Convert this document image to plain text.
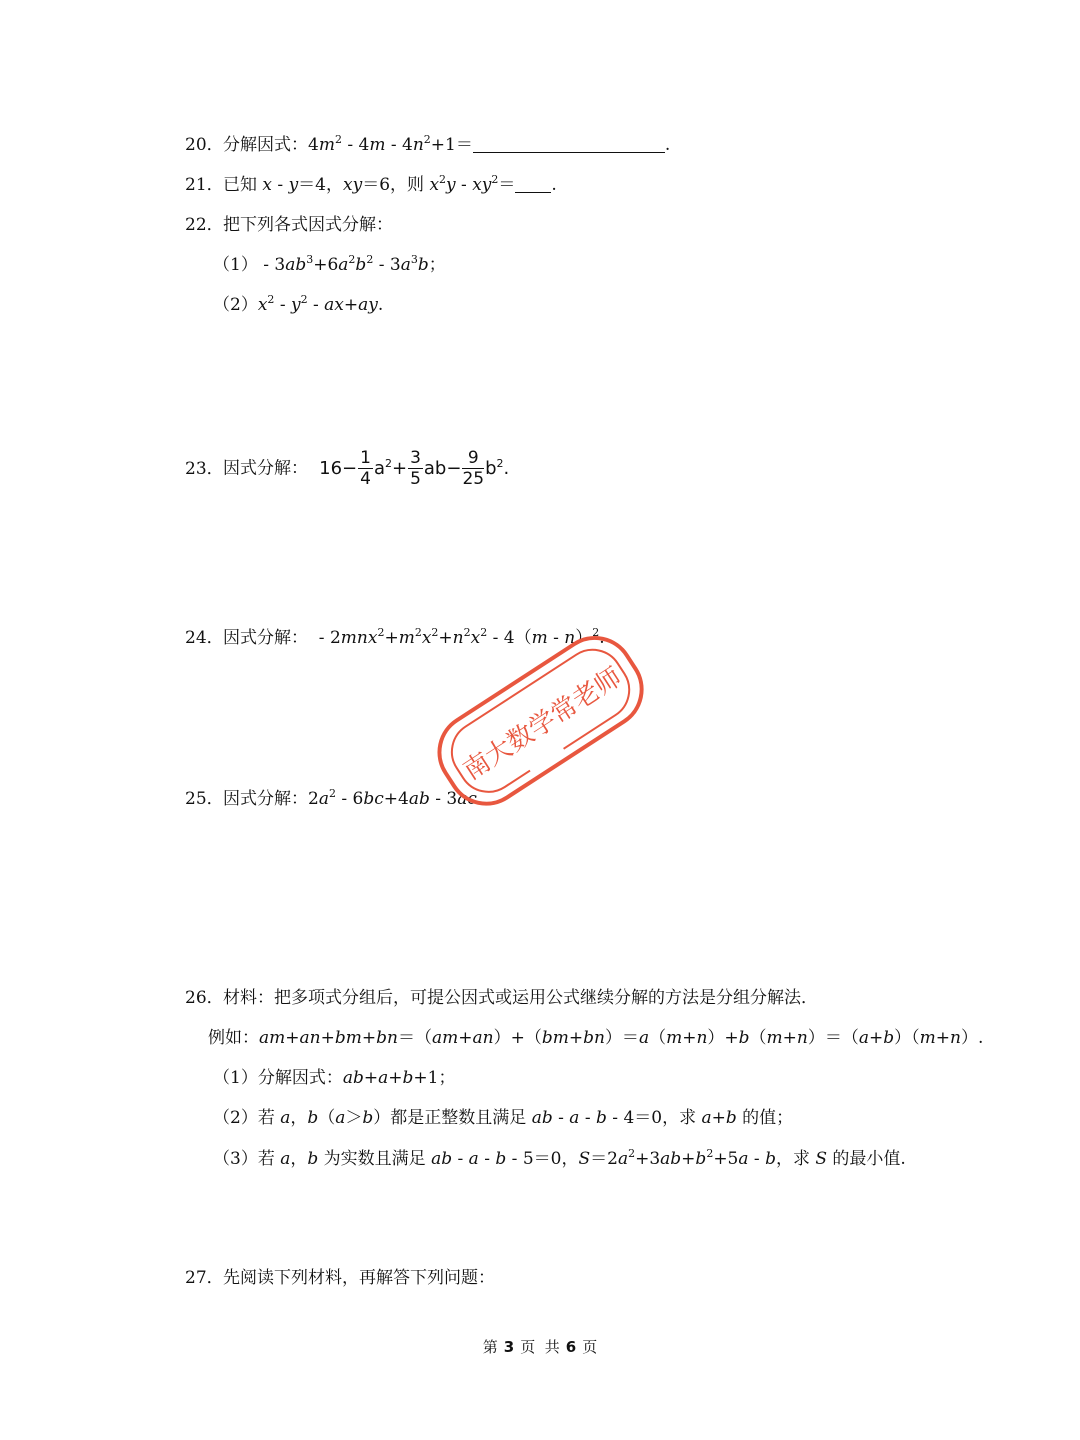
20．分解因式：$4m^2 - 4m - 4n^2+1=$	.
21．已知 x - y＝4，xy＝6，则 $x^2y - xy^2=$ .
22．把下列各式因式分解：
$(1) - 3ab^3+6a^2b^2 - 3a^3b$；
$(2)x^2 - y^2 - ax+ay$.
23．因式分解：  $16- \frac{1}{4} a^2+ \frac{3}{5} ab- \frac{9}{25} b^2$.
24．因式分解：  - $2mnx^2+m^2x^2+n^2x^2 - 4(m - n)^2$.
25．因式分解：$2a^2 - 6bc+4ab - 3ac$.
南大数学常老师
26．材料：把多项式分组后，可提公因式或运用公式继续分解的方法是分组分解法．
例如：am+an+bm+bn＝（am+an）+（bm+bn）＝a（m+n）+b（m+n）＝（a+b）（m+n）.
（1）分解因式：ab+a+b+1；
（2）若 a，b（a＞b）都是正整数且满足 ab - a - b - 4＝0，求 a+b 的值；
（3）若 a，b 为实数且满足 ab - a - b - 5＝0，$S=2a^2+3ab+b^2+5a - b$，求 S 的最小值.
27．先阅读下列材料，再解答下列问题：
第 3 页 共 6 页
